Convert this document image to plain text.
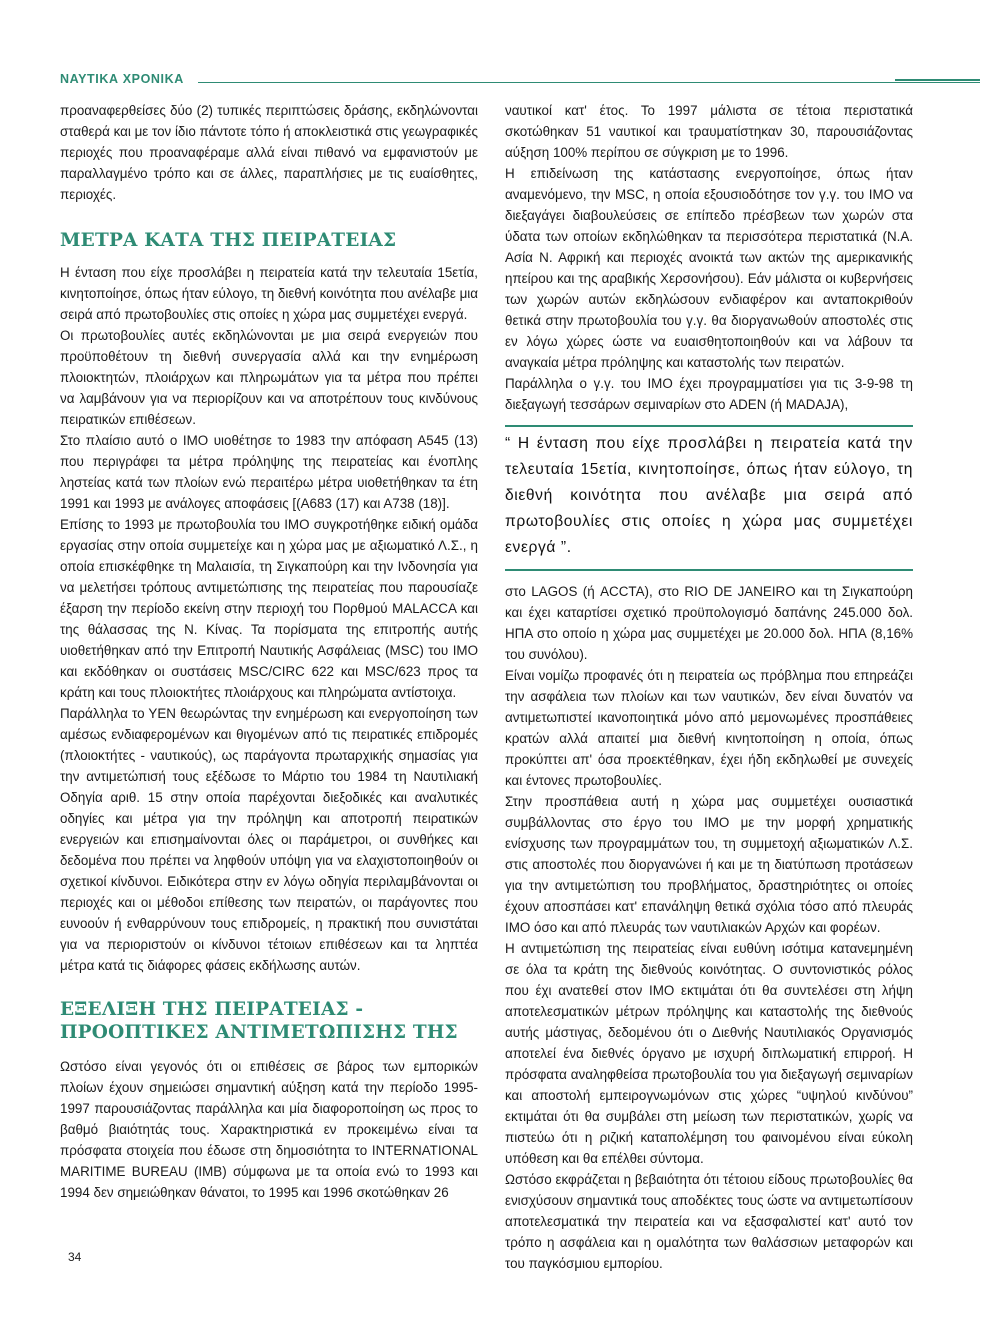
ΝΑΥΤΙΚΑ ΧΡΟΝΙΚΑ

προαναφερθείσες δύο (2) τυπικές περιπτώσεις δράσης, εκδηλώνονται σταθερά και με τον ίδιο πάντοτε τόπο ή αποκλειστικά στις γεωγραφικές περιοχές που προαναφέραμε αλλά είναι πιθανό να εμφανιστούν με παραλλαγμένο τρόπο και σε άλλες, παραπλήσιες με τις ευαίσθητες, περιοχές.

ΜΕΤΡΑ ΚΑΤΑ ΤΗΣ ΠΕΙΡΑΤΕΙΑΣ

Η ένταση που είχε προσλάβει η πειρατεία κατά την τελευταία 15ετία, κινητοποίησε, όπως ήταν εύλογο, τη διεθνή κοινότητα που ανέλαβε μια σειρά από πρωτοβουλίες στις οποίες η χώρα μας συμμετέχει ενεργά.

Οι πρωτοβουλίες αυτές εκδηλώνονται με μια σειρά ενεργειών που προϋποθέτουν τη διεθνή συνεργασία αλλά και την ενημέρωση πλοιοκτητών, πλοιάρχων και πληρωμάτων για τα μέτρα που πρέπει να λαμβάνουν για να περιορίζουν και να αποτρέπουν τους κινδύνους πειρατικών επιθέσεων.

Στο πλαίσιο αυτό ο ΙΜΟ υιοθέτησε το 1983 την απόφαση Α545 (13) που περιγράφει τα μέτρα πρόληψης της πειρατείας και ένοπλης ληστείας κατά των πλοίων ενώ περαιτέρω μέτρα υιοθετήθηκαν τα έτη 1991 και 1993 με ανάλογες αποφάσεις [(Α683 (17) και Α738 (18)].

Επίσης το 1993 με πρωτοβουλία του ΙΜΟ συγκροτήθηκε ειδική ομάδα εργασίας στην οποία συμμετείχε και η χώρα μας με αξιωματικό Λ.Σ., η οποία επισκέφθηκε τη Μαλαισία, τη Σιγκαπούρη και την Ινδονησία για να μελετήσει τρόπους αντιμετώπισης της πειρατείας που παρουσίαζε έξαρση την περίοδο εκείνη στην περιοχή του Πορθμού MALACCA και της θάλασσας της Ν. Κίνας. Τα πορίσματα της επιτροπής αυτής υιοθετήθηκαν από την Επιτροπή Ναυτικής Ασφάλειας (MSC) του ΙΜΟ και εκδόθηκαν οι συστάσεις MSC/CIRC 622 και MSC/623 προς τα κράτη και τους πλοιοκτήτες πλοιάρχους και πληρώματα αντίστοιχα.

Παράλληλα το ΥΕΝ θεωρώντας την ενημέρωση και ενεργοποίηση των αμέσως ενδιαφερομένων και θιγομένων από τις πειρατικές επιδρομές (πλοιοκτήτες - ναυτικούς), ως παράγοντα πρωταρχικής σημασίας για την αντιμετώπισή τους εξέδωσε το Μάρτιο του 1984 τη Ναυτιλιακή Οδηγία αριθ. 15 στην οποία παρέχονται διεξοδικές και αναλυτικές οδηγίες και μέτρα για την πρόληψη και αποτροπή πειρατικών ενεργειών και επισημαίνονται όλες οι παράμετροι, οι συνθήκες και δεδομένα που πρέπει να ληφθούν υπόψη για να ελαχιστοποιηθούν οι σχετικοί κίνδυνοι. Ειδικότερα στην εν λόγω οδηγία περιλαμβάνονται οι περιοχές και οι μέθοδοι επίθεσης των πειρατών, οι παράγοντες που ευνοούν ή ενθαρρύνουν τους επιδρομείς, η πρακτική που συνιστάται για να περιοριστούν οι κίνδυνοι τέτοιων επιθέσεων και τα ληπτέα μέτρα κατά τις διάφορες φάσεις εκδήλωσης αυτών.

ΕΞΕΛΙΞΗ ΤΗΣ ΠΕΙΡΑΤΕΙΑΣ -
ΠΡΟΟΠΤΙΚΕΣ ΑΝΤΙΜΕΤΩΠΙΣΗΣ ΤΗΣ

Ωστόσο είναι γεγονός ότι οι επιθέσεις σε βάρος των εμπορικών πλοίων έχουν σημειώσει σημαντική αύξηση κατά την περίοδο 1995-1997 παρουσιάζοντας παράλληλα και μία διαφοροποίηση ως προς το βαθμό βιαιότητάς τους. Χαρακτηριστικά εν προκειμένω είναι τα πρόσφατα στοιχεία που έδωσε στη δημοσιότητα το INTERNATIONAL MARITIME BUREAU (IMB) σύμφωνα με τα οποία ενώ το 1993 και 1994 δεν σημειώθηκαν θάνατοι, το 1995 και 1996 σκοτώθηκαν 26

ναυτικοί κατ' έτος. Το 1997 μάλιστα σε τέτοια περιστατικά σκοτώθηκαν 51 ναυτικοί και τραυματίστηκαν 30, παρουσιάζοντας αύξηση 100% περίπου σε σύγκριση με το 1996.

Η επιδείνωση της κατάστασης ενεργοποίησε, όπως ήταν αναμενόμενο, την MSC, η οποία εξουσιοδότησε τον γ.γ. του ΙΜΟ να διεξαγάγει διαβουλεύσεις σε επίπεδο πρέσβεων των χωρών στα ύδατα των οποίων εκδηλώθηκαν τα περισσότερα περιστατικά (Ν.Α. Ασία Ν. Αφρική και περιοχές ανοικτά των ακτών της αμερικανικής ηπείρου και της αραβικής Χερσονήσου). Εάν μάλιστα οι κυβερνήσεις των χωρών αυτών εκδηλώσουν ενδιαφέρον και ανταποκριθούν θετικά στην πρωτοβουλία του γ.γ. θα διοργανωθούν αποστολές στις εν λόγω χώρες ώστε να ευαισθητοποιηθούν και να λάβουν τα αναγκαία μέτρα πρόληψης και καταστολής των πειρατών.

Παράλληλα ο γ.γ. του ΙΜΟ έχει προγραμματίσει για τις 3-9-98 τη διεξαγωγή τεσσάρων σεμιναρίων στο ADEN (ή MADAJA),

“ Η ένταση που είχε προσλάβει η πειρατεία κατά την τελευταία 15ετία, κινητοποίησε, όπως ήταν εύλογο, τη διεθνή κοινότητα που ανέλαβε μια σειρά από πρωτοβουλίες στις οποίες η χώρα μας συμμετέχει ενεργά ”.

στο LAGOS (ή ACCTA), στο RIO DE JANEIRO και τη Σιγκαπούρη και έχει καταρτίσει σχετικό προϋπολογισμό δαπάνης 245.000 δολ. ΗΠΑ στο οποίο η χώρα μας συμμετέχει με 20.000 δολ. ΗΠΑ (8,16% του συνόλου).

Είναι νομίζω προφανές ότι η πειρατεία ως πρόβλημα που επηρεάζει την ασφάλεια των πλοίων και των ναυτικών, δεν είναι δυνατόν να αντιμετωπιστεί ικανοποιητικά μόνο από μεμονωμένες προσπάθειες κρατών αλλά απαιτεί μια διεθνή κινητοποίηση η οποία, όπως προκύπτει απ' όσα προεκτέθηκαν, έχει ήδη εκδηλωθεί με συνεχείς και έντονες πρωτοβουλίες.

Στην προσπάθεια αυτή η χώρα μας συμμετέχει ουσιαστικά συμβάλλοντας στο έργο του ΙΜΟ με την μορφή χρηματικής ενίσχυσης των προγραμμάτων του, τη συμμετοχή αξιωματικών Λ.Σ. στις αποστολές που διοργανώνει ή και με τη διατύπωση προτάσεων για την αντιμετώπιση του προβλήματος, δραστηριότητες οι οποίες έχουν αποσπάσει κατ' επανάληψη θετικά σχόλια τόσο από πλευράς ΙΜΟ όσο και από πλευράς των ναυτιλιακών Αρχών και φορέων.

Η αντιμετώπιση της πειρατείας είναι ευθύνη ισότιμα κατανεμημένη σε όλα τα κράτη της διεθνούς κοινότητας. Ο συντονιστικός ρόλος που έχι ανατεθεί στον ΙΜΟ εκτιμάται ότι θα συντελέσει στη λήψη αποτελεσματικών μέτρων πρόληψης και καταστολής της διεθνούς αυτής μάστιγας, δεδομένου ότι ο Διεθνής Ναυτιλιακός Οργανισμός αποτελεί ένα διεθνές όργανο με ισχυρή διπλωματική επιρροή. Η πρόσφατα αναληφθείσα πρωτοβουλία του για διεξαγωγή σεμιναρίων και αποστολή εμπειρογνωμόνων στις χώρες “υψηλού κινδύνου” εκτιμάται ότι θα συμβάλει στη μείωση των περιστατικών, χωρίς να πιστεύω ότι η ριζική καταπολέμηση του φαινομένου είναι εύκολη υπόθεση και θα επέλθει σύντομα.

Ωστόσο εκφράζεται η βεβαιότητα ότι τέτοιου είδους πρωτοβουλίες θα ενισχύσουν σημαντικά τους αποδέκτες τους ώστε να αντιμετωπίσουν αποτελεσματικά την πειρατεία και να εξασφαλιστεί κατ' αυτό τον τρόπο η ασφάλεια και η ομαλότητα των θαλάσσιων μεταφορών και του παγκόσμιου εμπορίου.

34
